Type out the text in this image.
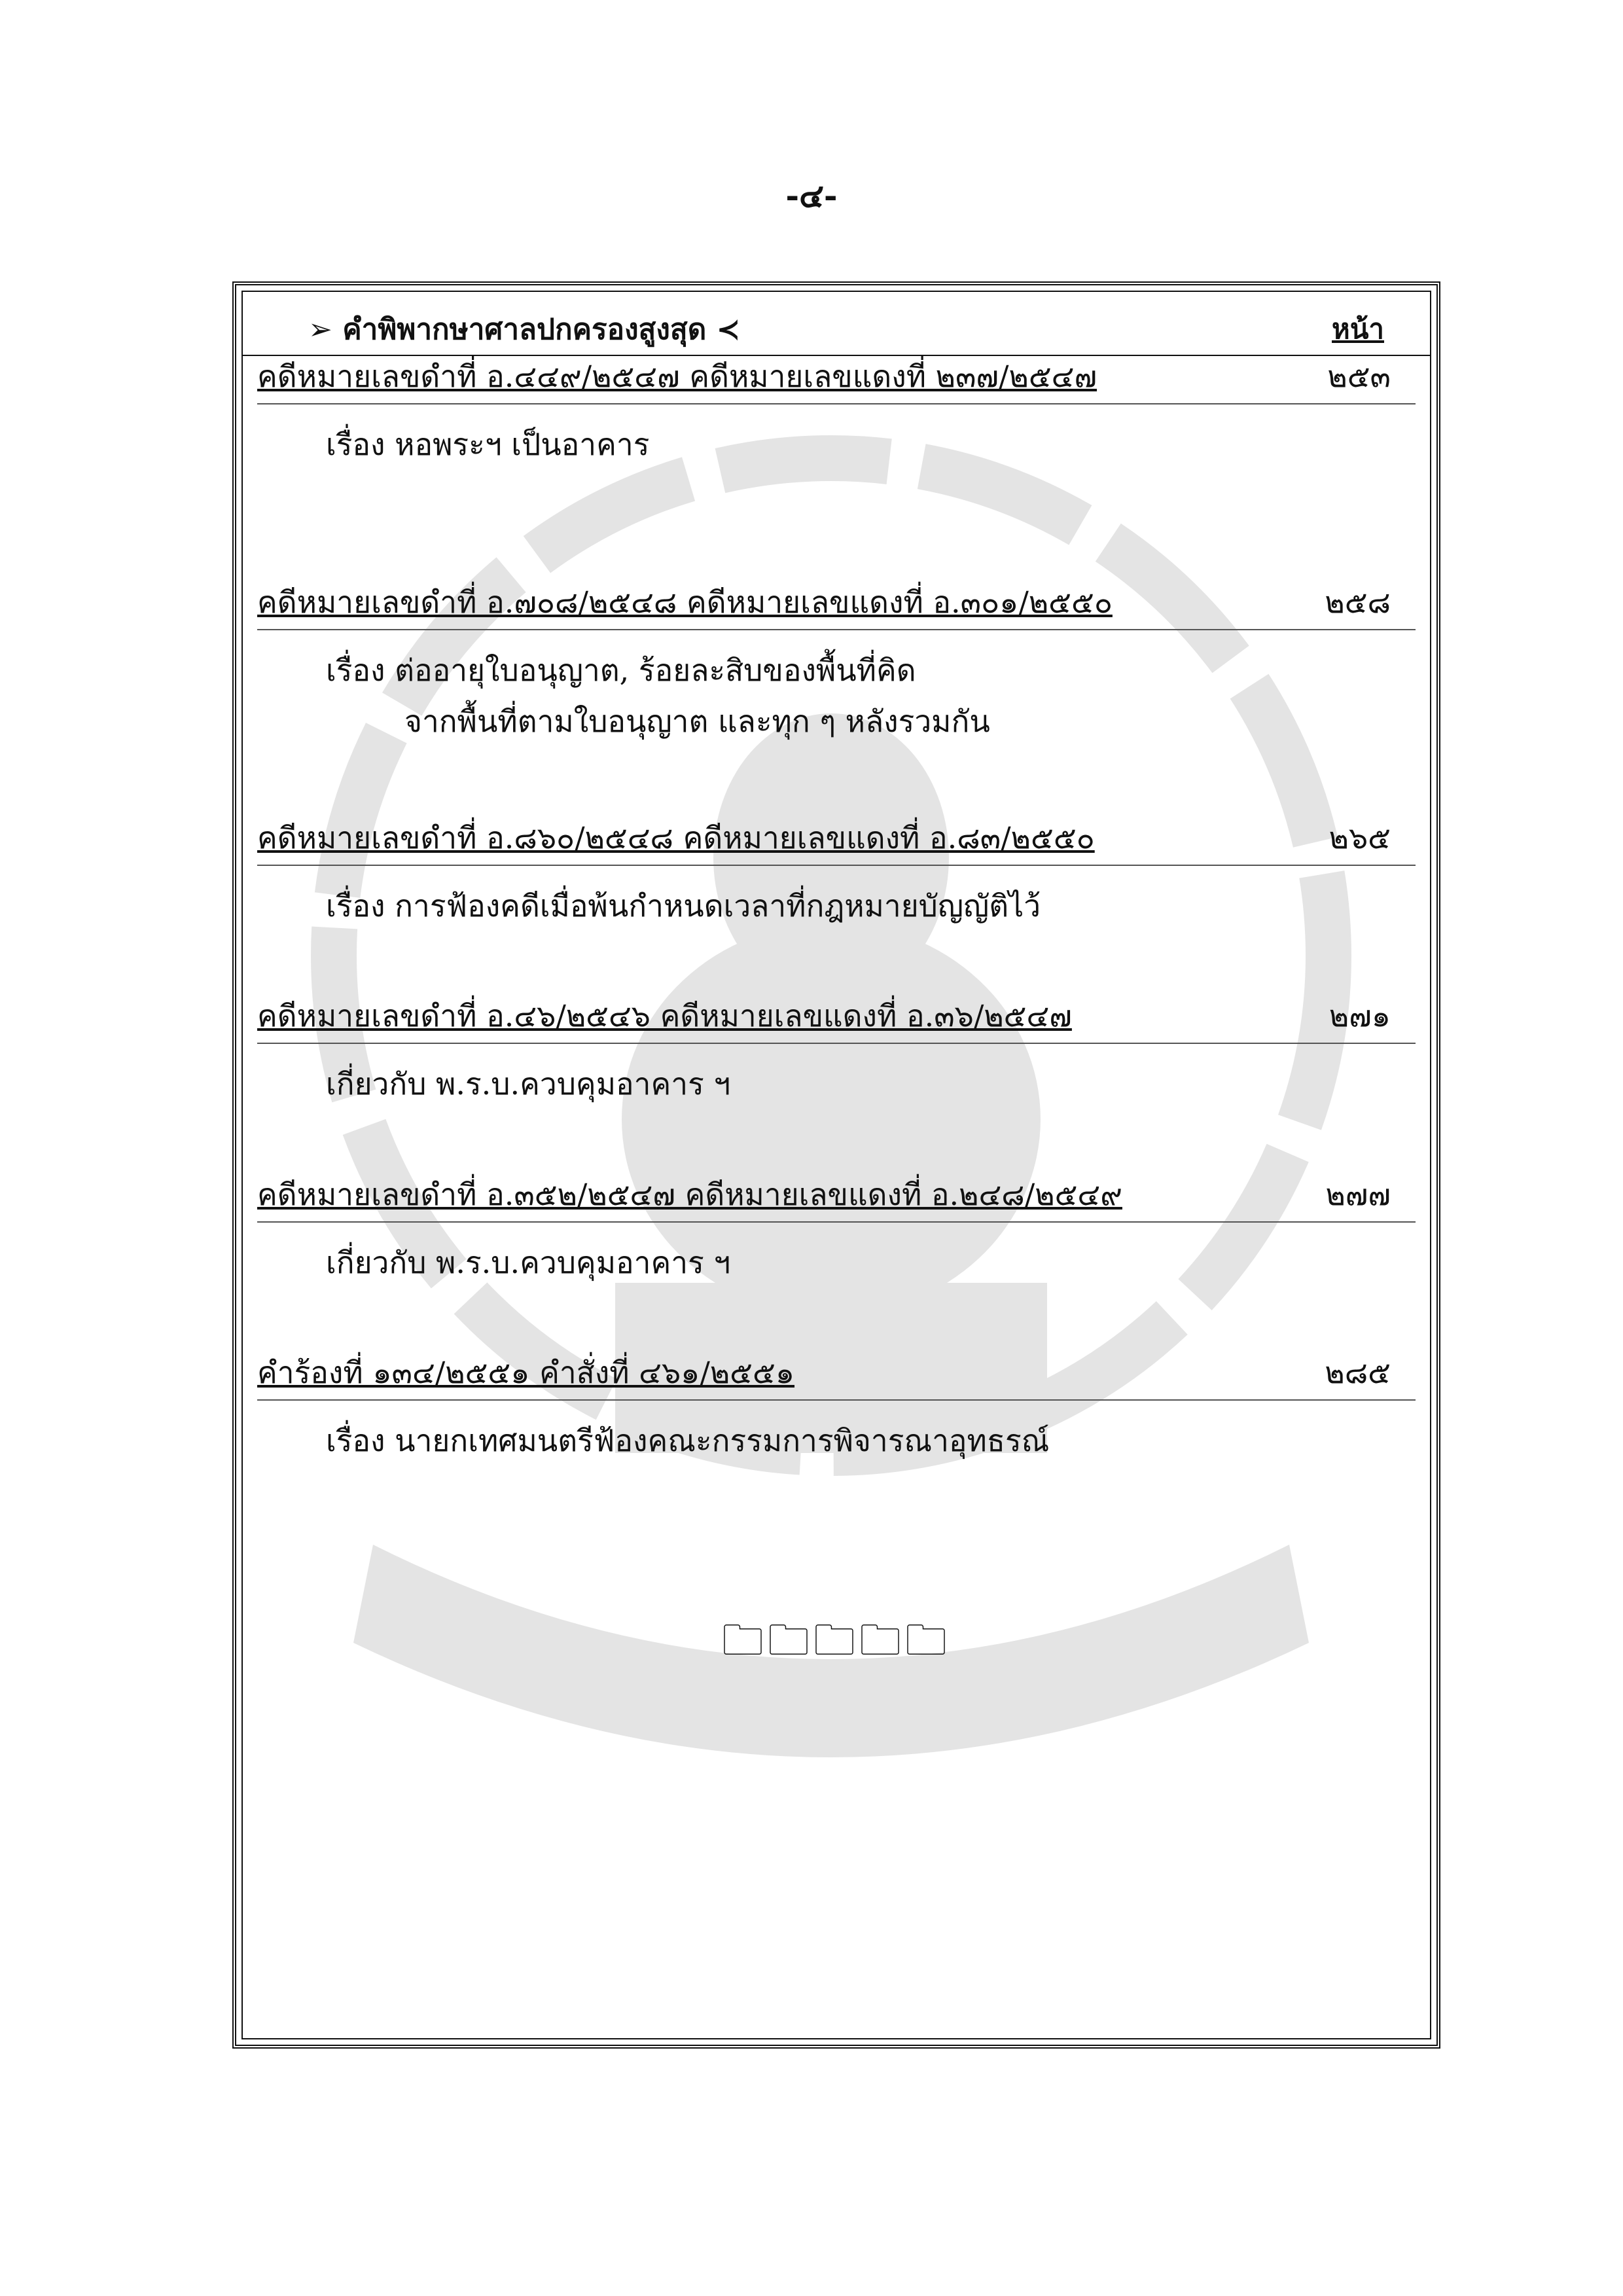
-๔-
➢ คำพิพากษาศาลปกครองสูงสุด ≺	หน้า
คดีหมายเลขดำที่ อ.๔๔๙/๒๕๔๗ คดีหมายเลขแดงที่ ๒๓๗/๒๕๔๗	๒๕๓
เรื่อง หอพระฯ เป็นอาคาร
คดีหมายเลขดำที่ อ.๗๐๘/๒๕๔๘ คดีหมายเลขแดงที่ อ.๓๐๑/๒๕๕๐	๒๕๘
เรื่อง ต่ออายุใบอนุญาต, ร้อยละสิบของพื้นที่คิด
จากพื้นที่ตามใบอนุญาต และทุก ๆ หลังรวมกัน
คดีหมายเลขดำที่ อ.๘๖๐/๒๕๔๘ คดีหมายเลขแดงที่ อ.๘๓/๒๕๕๐	๒๖๕
เรื่อง การฟ้องคดีเมื่อพ้นกำหนดเวลาที่กฎหมายบัญญัติไว้
คดีหมายเลขดำที่ อ.๔๖/๒๕๔๖ คดีหมายเลขแดงที่ อ.๓๖/๒๕๔๗	๒๗๑
เกี่ยวกับ พ.ร.บ.ควบคุมอาคาร ฯ
คดีหมายเลขดำที่ อ.๓๕๒/๒๕๔๗ คดีหมายเลขแดงที่ อ.๒๔๘/๒๕๔๙	๒๗๗
เกี่ยวกับ พ.ร.บ.ควบคุมอาคาร ฯ
คำร้องที่ ๑๓๔/๒๕๕๑ คำสั่งที่ ๔๖๑/๒๕๕๑	๒๘๕
เรื่อง นายกเทศมนตรีฟ้องคณะกรรมการพิจารณาอุทธรณ์
🗀🗀🗀🗀🗀
